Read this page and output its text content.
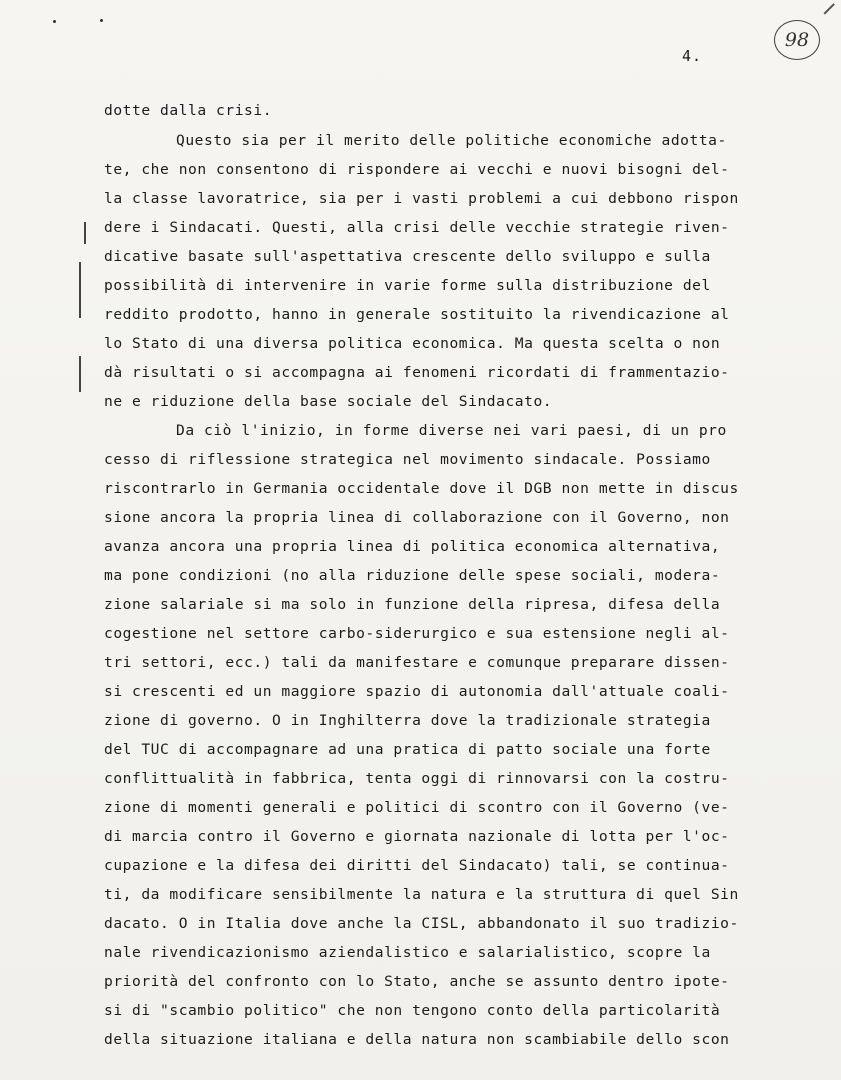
4.
98
dotte dalla crisi.
Questo sia per il merito delle politiche economiche adotta-
te, che non consentono di rispondere ai vecchi e nuovi bisogni del-
la classe lavoratrice, sia per i vasti problemi a cui debbono rispon
dere i Sindacati. Questi, alla crisi delle vecchie strategie riven-
dicative basate sull'aspettativa crescente dello sviluppo e sulla
possibilità di intervenire in varie forme sulla distribuzione del
reddito prodotto, hanno in generale sostituito la rivendicazione al
lo Stato di una diversa politica economica. Ma questa scelta o non
dà risultati o si accompagna ai fenomeni ricordati di frammentazio-
ne e riduzione della base sociale del Sindacato.
Da ciò l'inizio, in forme diverse nei vari paesi, di un pro
cesso di riflessione strategica nel movimento sindacale. Possiamo
riscontrarlo in Germania occidentale dove il DGB non mette in discus
sione ancora la propria linea di collaborazione con il Governo, non
avanza ancora una propria linea di politica economica alternativa,
ma pone condizioni (no alla riduzione delle spese sociali, modera-
zione salariale si ma solo in funzione della ripresa, difesa della
cogestione nel settore carbo-siderurgico e sua estensione negli al-
tri settori, ecc.) tali da manifestare e comunque preparare dissen-
si crescenti ed un maggiore spazio di autonomia dall'attuale coali-
zione di governo. O in Inghilterra dove la tradizionale strategia
del TUC di accompagnare ad una pratica di patto sociale una forte
conflittualità in fabbrica, tenta oggi di rinnovarsi con la costru-
zione di momenti generali e politici di scontro con il Governo (ve-
di marcia contro il Governo e giornata nazionale di lotta per l'oc-
cupazione e la difesa dei diritti del Sindacato) tali, se continua-
ti, da modificare sensibilmente la natura e la struttura di quel Sin
dacato. O in Italia dove anche la CISL, abbandonato il suo tradizio-
nale rivendicazionismo aziendalistico e salarialistico, scopre la
priorità del confronto con lo Stato, anche se assunto dentro ipote-
si di "scambio politico" che non tengono conto della particolarità
della situazione italiana e della natura non scambiabile dello scon
